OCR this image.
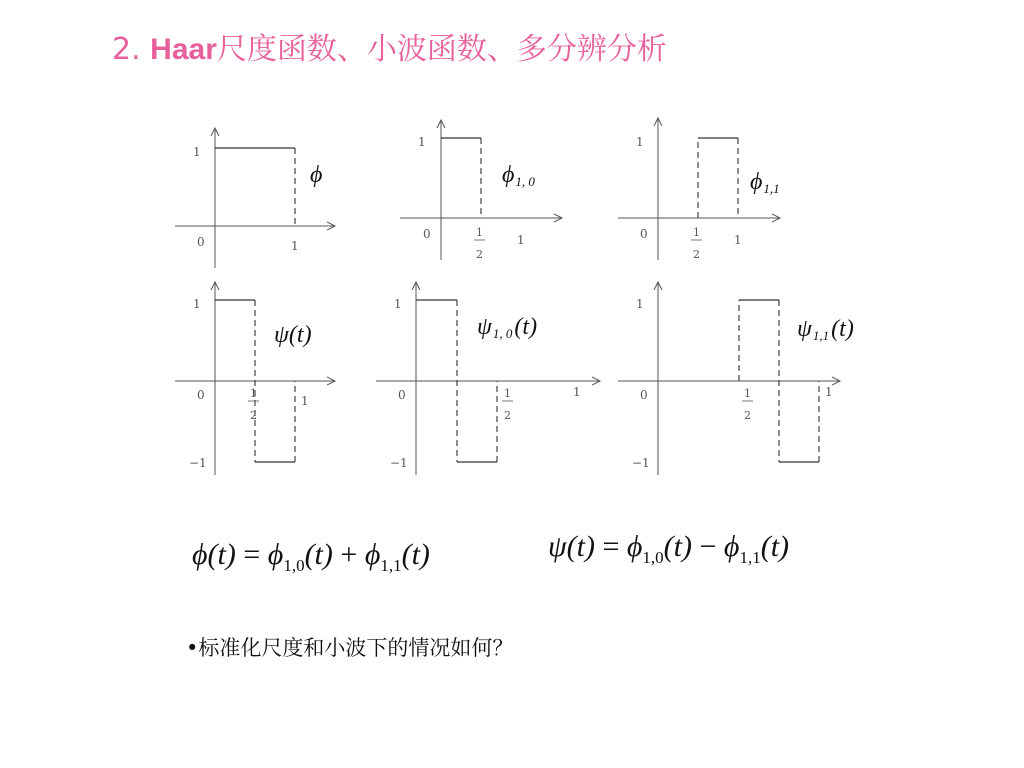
2. Haar尺度函数、小波函数、多分辨分析
1
0	1
ϕ
1
0	1
2
1
ϕ1, 0
1
0	1
2
1
ϕ1,1
1
0
−1
1
2
1
ψ(t)
1
0
−1
1
2
1
ψ1, 0(t)
1
0
−1
1
2
1
ψ1,1(t)
$\phi(t) = \phi_{1,0}(t) + \phi_{1,1}(t)$	$\psi(t) = \phi_{1,0}(t) - \phi_{1,1}(t)$
•标准化尺度和小波下的情况如何？
